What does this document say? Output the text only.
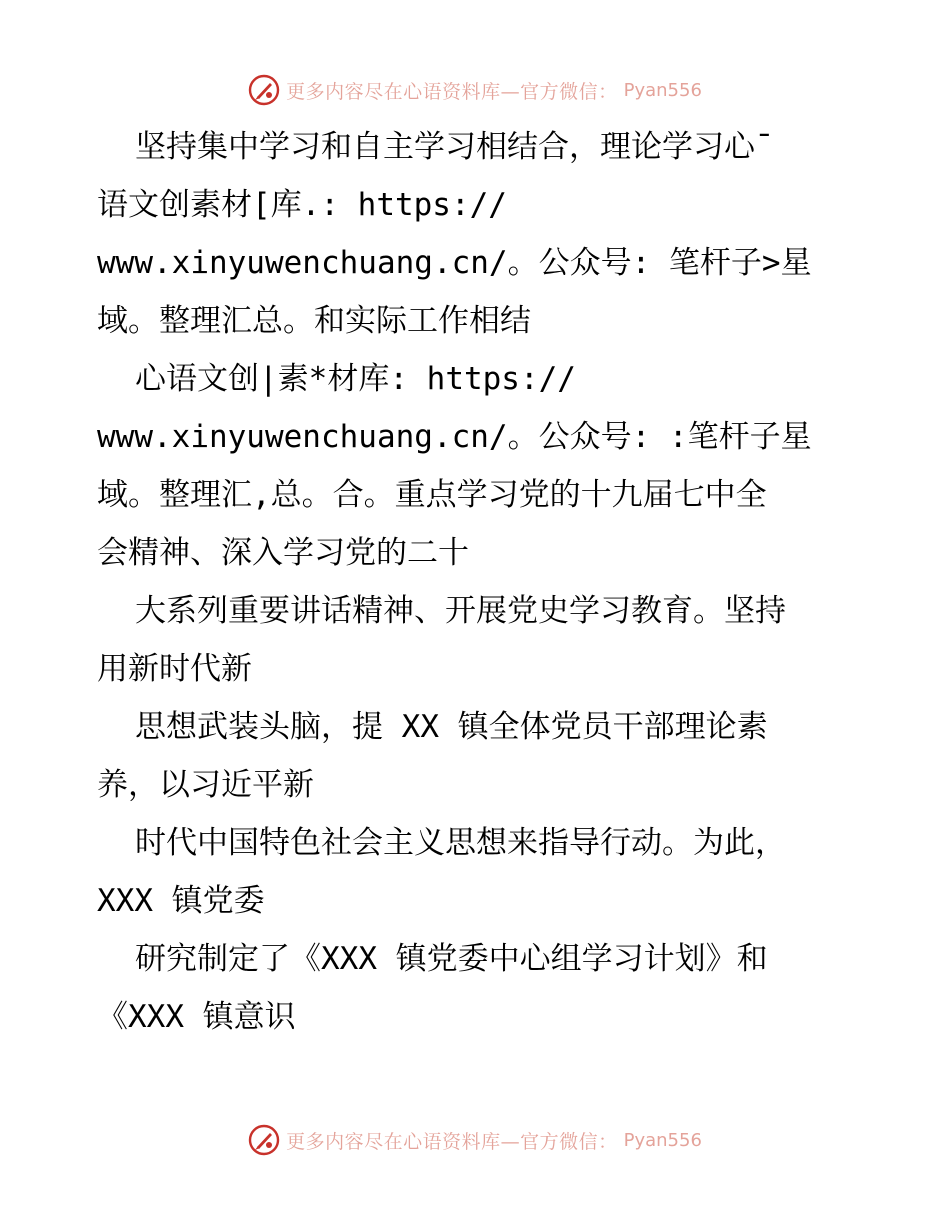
更多内容尽在心语资料库—官方微信： Pyan556
坚持集中学习和自主学习相结合，理论学习心¯
语文创素材[库.: https://
www.xinyuwenchuang.cn/。公众号: 笔杆子>星
域。整理汇总。和实际工作相结
心语文创|素*材库: https://
www.xinyuwenchuang.cn/。公众号: :笔杆子星
域。整理汇,总。合。重点学习党的十九届七中全
会精神、深入学习党的二十
大系列重要讲话精神、开展党史学习教育。坚持
用新时代新
思想武装头脑，提 XX 镇全体党员干部理论素
养，以习近平新
时代中国特色社会主义思想来指导行动。为此，
XXX 镇党委
研究制定了《XXX 镇党委中心组学习计划》和
《XXX 镇意识
更多内容尽在心语资料库—官方微信： Pyan556
